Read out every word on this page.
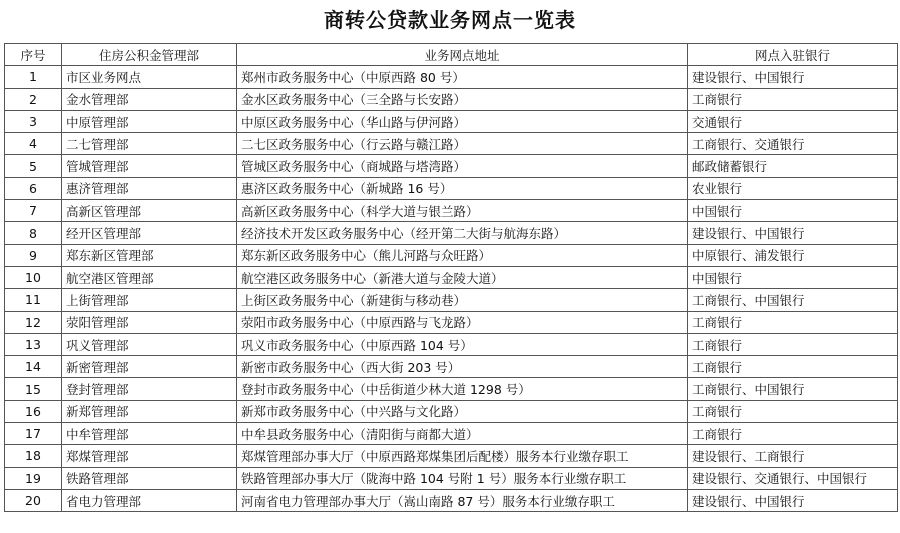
商转公贷款业务网点一览表
序号	住房公积金管理部	业务网点地址	网点入驻银行
1	市区业务网点	郑州市政务服务中心（中原西路 80 号）	建设银行、中国银行
2	金水管理部	金水区政务服务中心（三全路与长安路）	工商银行
3	中原管理部	中原区政务服务中心（华山路与伊河路）	交通银行
4	二七管理部	二七区政务服务中心（行云路与赣江路）	工商银行、交通银行
5	管城管理部	管城区政务服务中心（商城路与塔湾路）	邮政储蓄银行
6	惠济管理部	惠济区政务服务中心（新城路 16 号）	农业银行
7	高新区管理部	高新区政务服务中心（科学大道与银兰路）	中国银行
8	经开区管理部	经济技术开发区政务服务中心（经开第二大街与航海东路）	建设银行、中国银行
9	郑东新区管理部	郑东新区政务服务中心（熊儿河路与众旺路）	中原银行、浦发银行
10	航空港区管理部	航空港区政务服务中心（新港大道与金陵大道）	中国银行
11	上街管理部	上街区政务服务中心（新建街与移动巷）	工商银行、中国银行
12	荥阳管理部	荥阳市政务服务中心（中原西路与飞龙路）	工商银行
13	巩义管理部	巩义市政务服务中心（中原西路 104 号）	工商银行
14	新密管理部	新密市政务服务中心（西大街 203 号）	工商银行
15	登封管理部	登封市政务服务中心（中岳街道少林大道 1298 号）	工商银行、中国银行
16	新郑管理部	新郑市政务服务中心（中兴路与文化路）	工商银行
17	中牟管理部	中牟县政务服务中心（清阳街与商都大道）	工商银行
18	郑煤管理部	郑煤管理部办事大厅（中原西路郑煤集团后配楼）服务本行业缴存职工	建设银行、工商银行
19	铁路管理部	铁路管理部办事大厅（陇海中路 104 号附 1 号）服务本行业缴存职工	建设银行、交通银行、中国银行
20	省电力管理部	河南省电力管理部办事大厅（嵩山南路 87 号）服务本行业缴存职工	建设银行、中国银行
